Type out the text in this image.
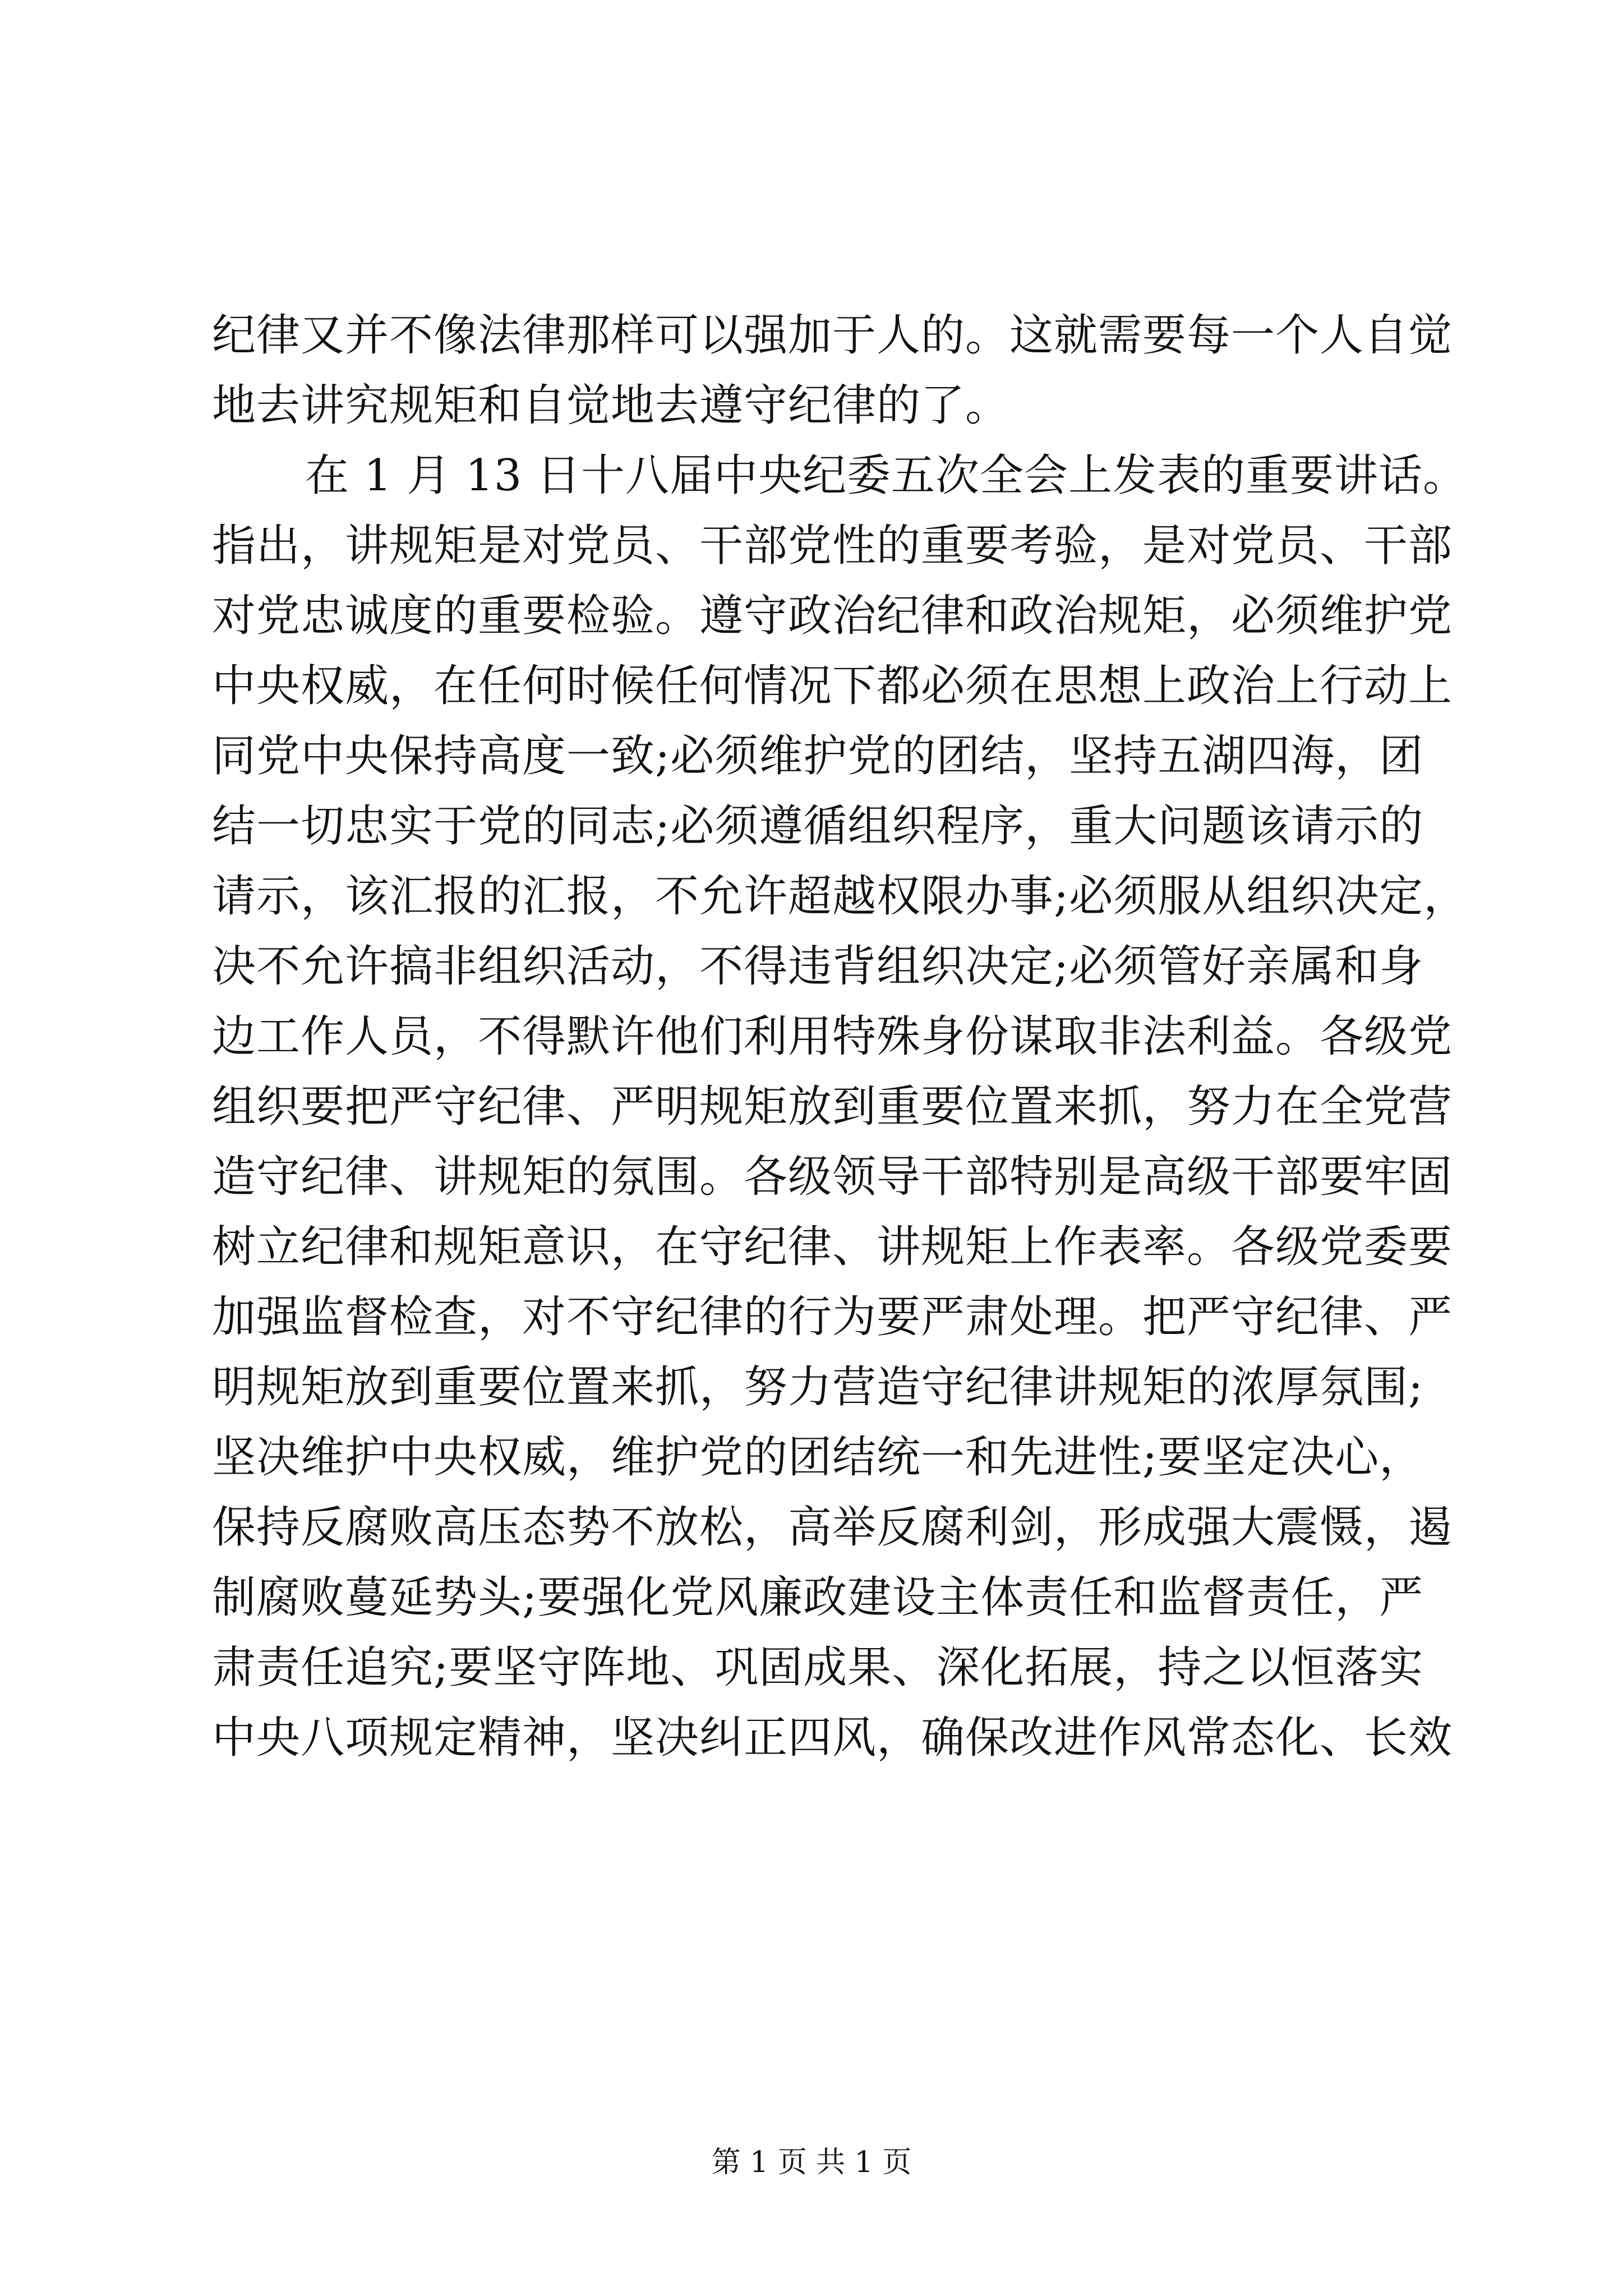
纪律又并不像法律那样可以强加于人的。这就需要每一个人自觉
地去讲究规矩和自觉地去遵守纪律的了。
在 1 月 13 日十八届中央纪委五次全会上发表的重要讲话。
指出，讲规矩是对党员、干部党性的重要考验，是对党员、干部
对党忠诚度的重要检验。遵守政治纪律和政治规矩，必须维护党
中央权威，在任何时候任何情况下都必须在思想上政治上行动上
同党中央保持高度一致;必须维护党的团结，坚持五湖四海，团
结一切忠实于党的同志;必须遵循组织程序，重大问题该请示的
请示，该汇报的汇报，不允许超越权限办事;必须服从组织决定，
决不允许搞非组织活动，不得违背组织决定;必须管好亲属和身
边工作人员，不得默许他们利用特殊身份谋取非法利益。各级党
组织要把严守纪律、严明规矩放到重要位置来抓，努力在全党营
造守纪律、讲规矩的氛围。各级领导干部特别是高级干部要牢固
树立纪律和规矩意识，在守纪律、讲规矩上作表率。各级党委要
加强监督检查，对不守纪律的行为要严肃处理。把严守纪律、严
明规矩放到重要位置来抓，努力营造守纪律讲规矩的浓厚氛围;
坚决维护中央权威，维护党的团结统一和先进性;要坚定决心，
保持反腐败高压态势不放松，高举反腐利剑，形成强大震慑，遏
制腐败蔓延势头;要强化党风廉政建设主体责任和监督责任，严
肃责任追究;要坚守阵地、巩固成果、深化拓展，持之以恒落实
中央八项规定精神，坚决纠正四风，确保改进作风常态化、长效
第 1 页 共 1 页
